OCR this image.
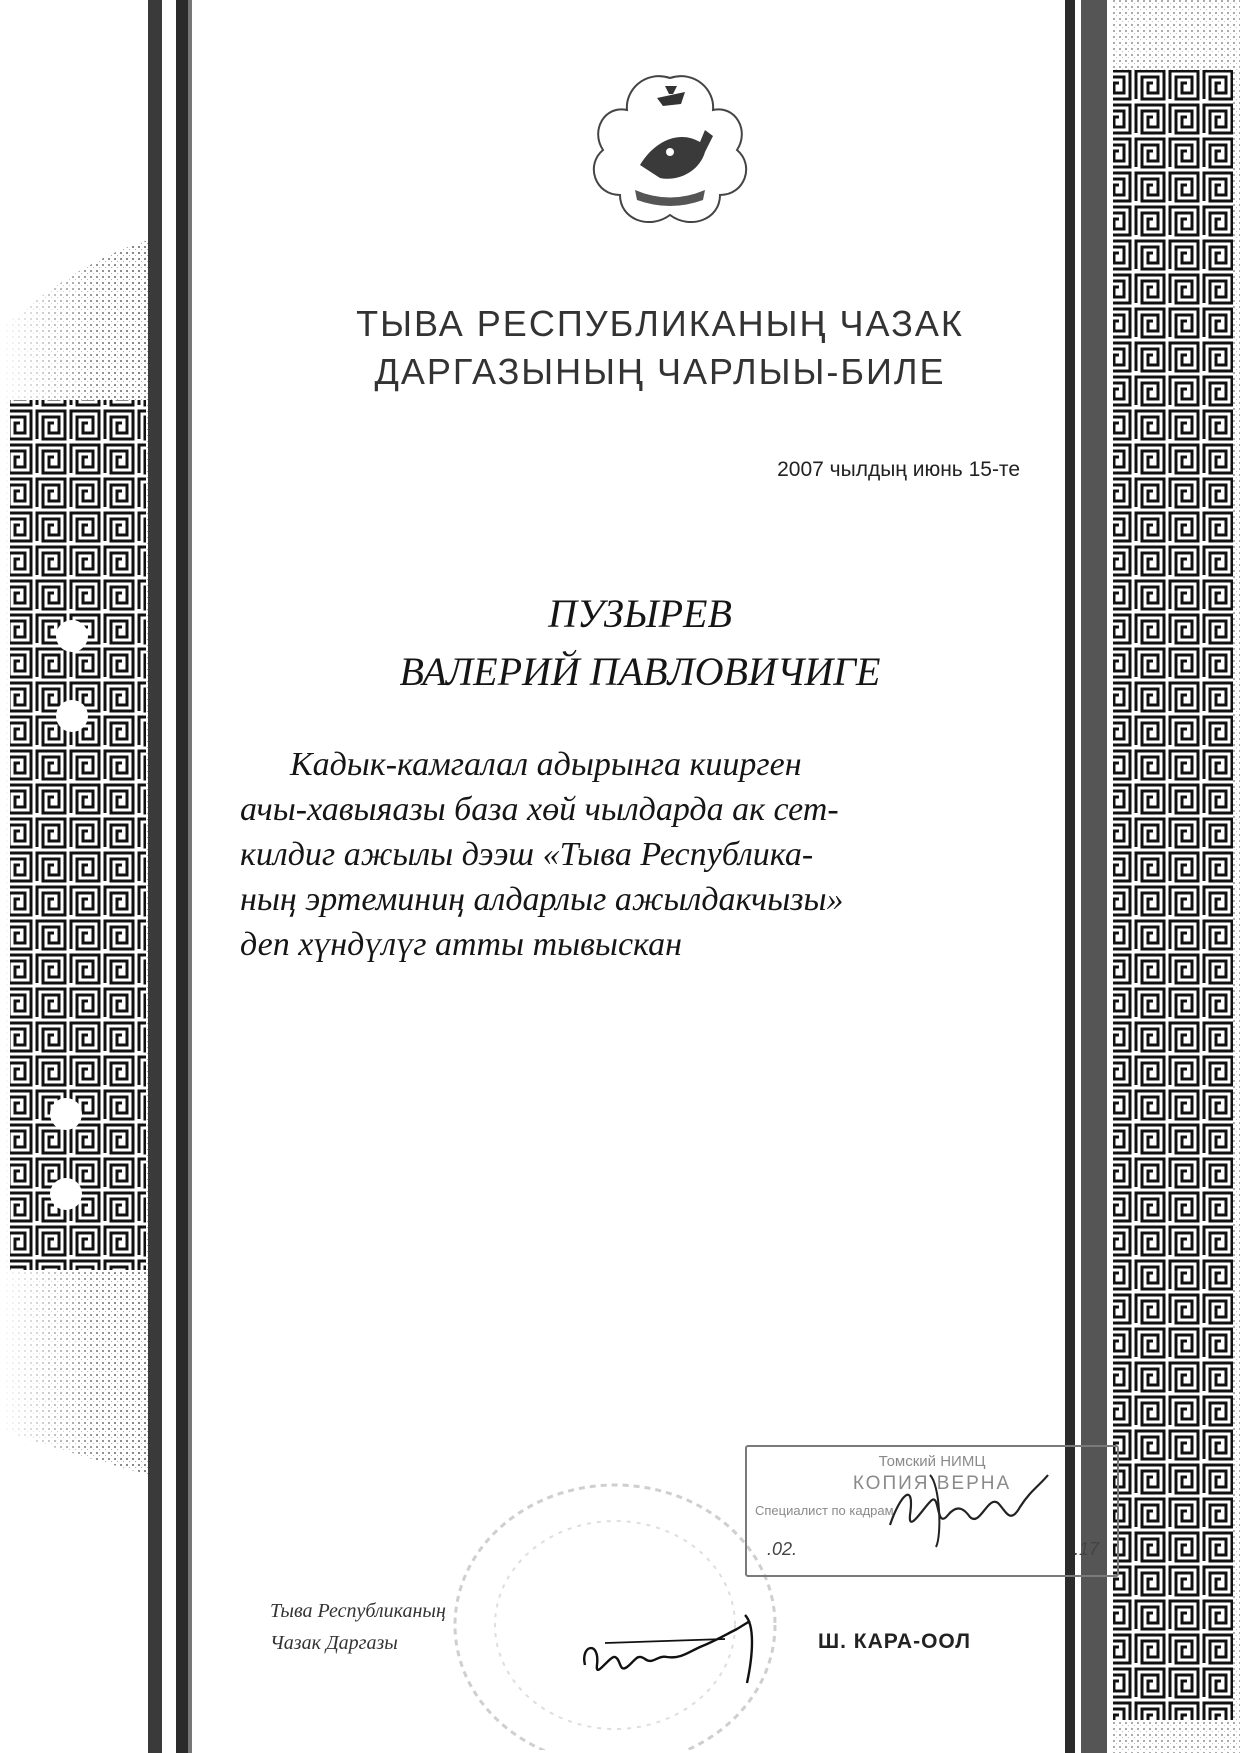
ТЫВА РЕСПУБЛИКАНЫҢ ЧАЗАК
ДАРГАЗЫНЫҢ ЧАРЛЫЫ-БИЛЕ
2007 чылдың июнь 15-те
ПУЗЫРЕВ
ВАЛЕРИЙ ПАВЛОВИЧИГЕ
Кадык-камгалал адырынга киирген
ачы-хавыяазы база хөй чылдарда ак сет-
килдиг ажылы дээш «Тыва Республика-
ның эртеминиң алдарлыг ажылдакчызы»
деп хүндүлүг атты тывыскан
Томский НИМЦ
КОПИЯ ВЕРНА
Специалист по кадрам
.02.	.17
Тыва Республиканың
Чазак Даргазы	Ш. КАРА-ООЛ
